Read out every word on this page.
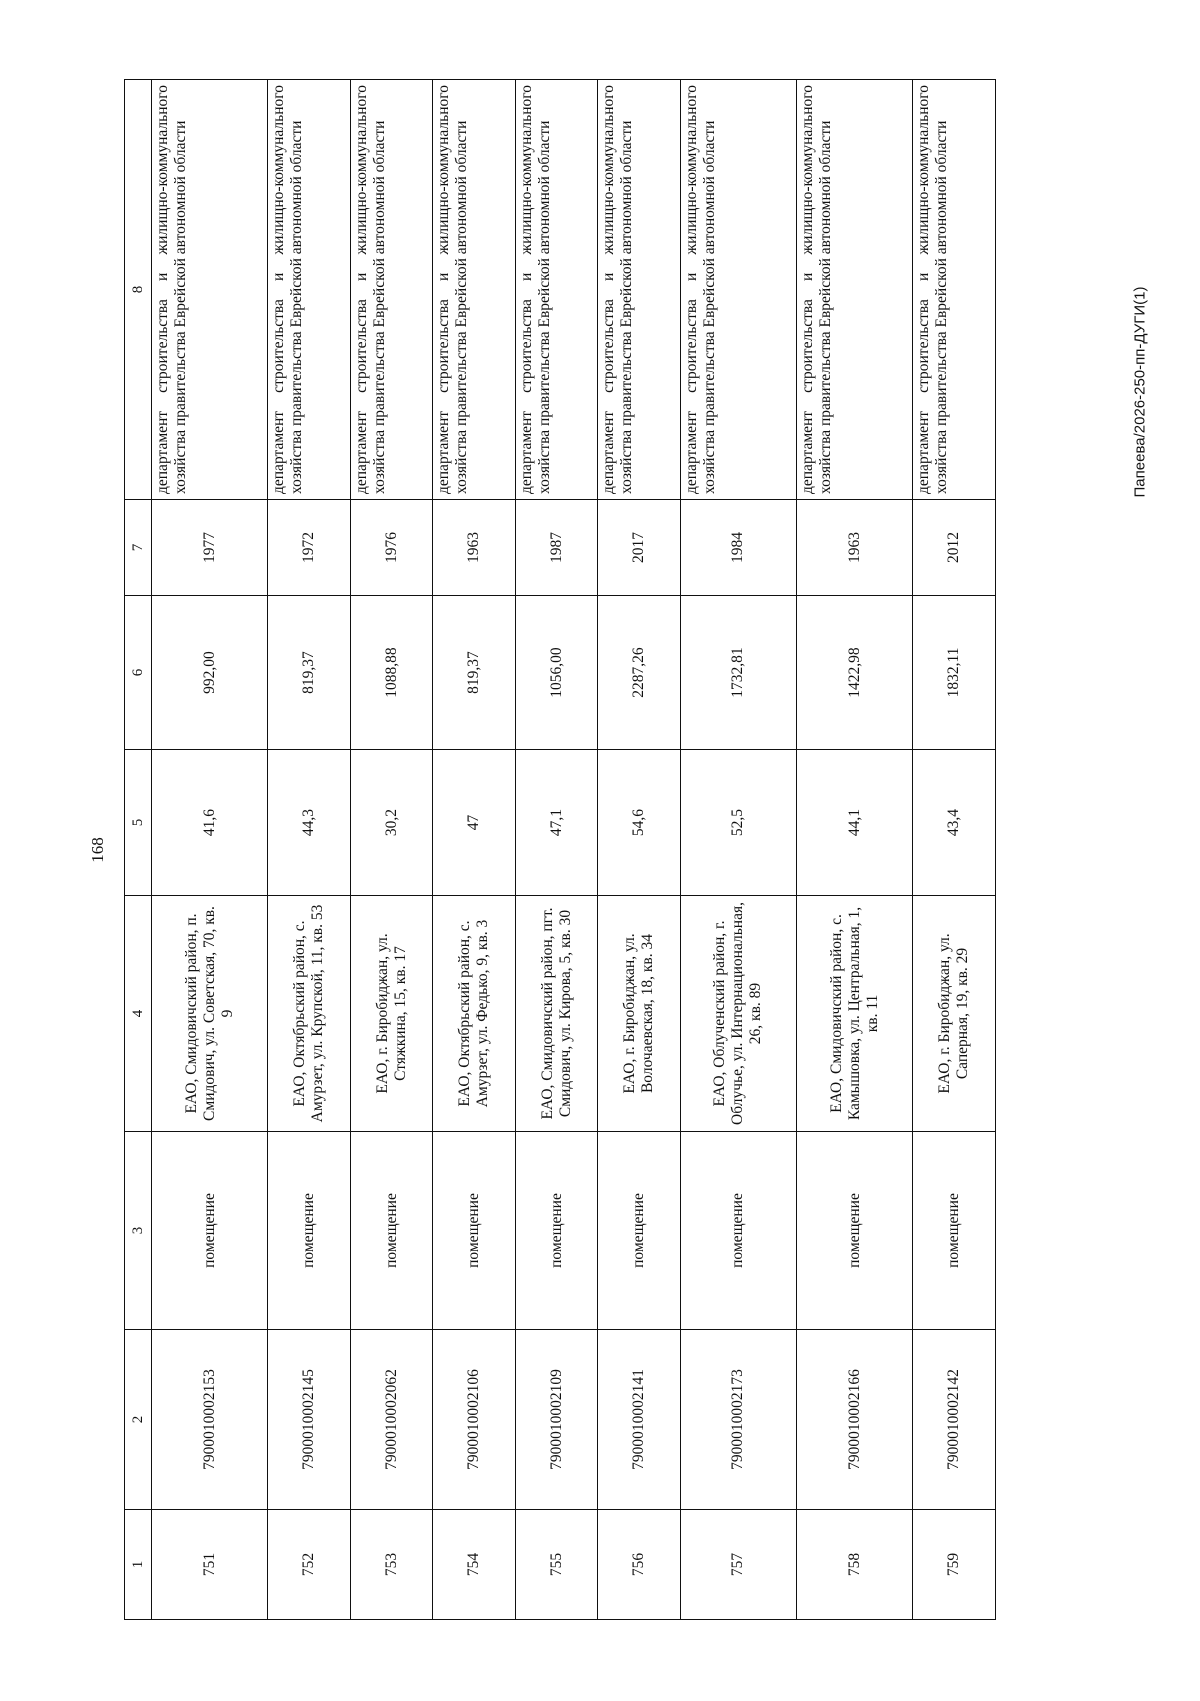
168
Папеева/2026-250-пп-ДУГИ(1)
1	2	3	4	5	6	7	8
751	7900010002153	помещение	ЕАО, Смидовичский район, п. Смидович, ул. Советская, 70, кв. 9	41,6	992,00	1977	департамент строительства и жилищно-коммунального хозяйства правительства Еврейской автономной области
752	7900010002145	помещение	ЕАО, Октябрьский район, с. Амурзет, ул. Крупской, 11, кв. 53	44,3	819,37	1972	департамент строительства и жилищно-коммунального хозяйства правительства Еврейской автономной области
753	7900010002062	помещение	ЕАО, г. Биробиджан, ул. Стяжкина, 15, кв. 17	30,2	1088,88	1976	департамент строительства и жилищно-коммунального хозяйства правительства Еврейской автономной области
754	7900010002106	помещение	ЕАО, Октябрьский район, с. Амурзет, ул. Федько, 9, кв. 3	47	819,37	1963	департамент строительства и жилищно-коммунального хозяйства правительства Еврейской автономной области
755	7900010002109	помещение	ЕАО, Смидовичский район, пгт. Смидович, ул. Кирова, 5, кв. 30	47,1	1056,00	1987	департамент строительства и жилищно-коммунального хозяйства правительства Еврейской автономной области
756	7900010002141	помещение	ЕАО, г. Биробиджан, ул. Волочаевская, 18, кв. 34	54,6	2287,26	2017	департамент строительства и жилищно-коммунального хозяйства правительства Еврейской автономной области
757	7900010002173	помещение	ЕАО, Облученский район, г. Облучье, ул. Интернациональная, 26, кв. 89	52,5	1732,81	1984	департамент строительства и жилищно-коммунального хозяйства правительства Еврейской автономной области
758	7900010002166	помещение	ЕАО, Смидовичский район, с. Камышовка, ул. Центральная, 1, кв. 11	44,1	1422,98	1963	департамент строительства и жилищно-коммунального хозяйства правительства Еврейской автономной области
759	7900010002142	помещение	ЕАО, г. Биробиджан, ул. Саперная, 19, кв. 29	43,4	1832,11	2012	департамент строительства и жилищно-коммунального хозяйства правительства Еврейской автономной области
